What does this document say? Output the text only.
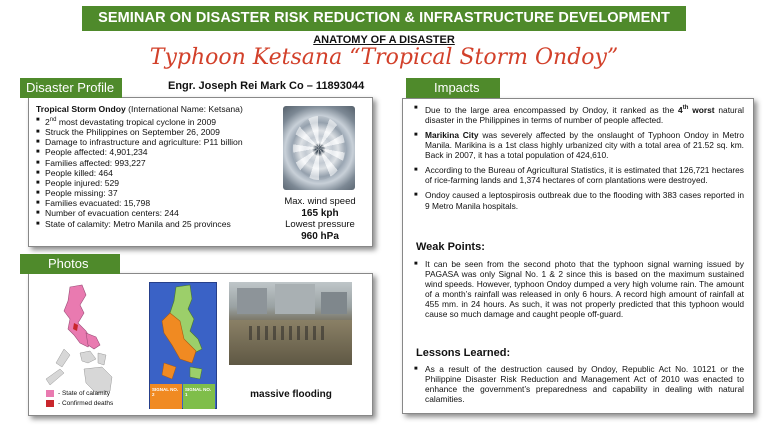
SEMINAR ON DISASTER RISK REDUCTION & INFRASTRUCTURE DEVELOPMENT
ANATOMY OF A DISASTER
Typhoon Ketsana “Tropical Storm Ondoy”
Engr. Joseph Rei Mark Co – 11893044
Disaster Profile
Tropical Storm Ondoy (International Name: Ketsana)
■ 2nd most devastating tropical cyclone in 2009
■ Struck the Philippines on September 26, 2009
■ Damage to infrastructure and agriculture: P11 billion
■ People affected: 4,901,234
■ Families affected: 993,227
■ People killed: 464
■ People injured: 529
■ People missing: 37
■ Families evacuated: 15,798
■ Number of evacuation centers: 244
■ State of calamity: Metro Manila and 25 provinces
Max. wind speed
165 kph
Lowest pressure
960 hPa
Photos
- State of calamity
- Confirmed deaths
SIGNAL NO. 2
SIGNAL NO. 1	massive flooding
Impacts
■ Due to the large area encompassed by Ondoy, it ranked as the 4th worst natural disaster in the Philippines in terms of number of people affected.
■ Marikina City was severely affected by the onslaught of Typhoon Ondoy in Metro Manila. Marikina is a 1st class highly urbanized city with a total area of 21.52 sq. km. Back in 2007, it has a total population of 424,610.
■ According to the Bureau of Agricultural Statistics, it is estimated that 126,721 hectares of rice-farming lands and 1,374 hectares of corn plantations were destroyed.
■ Ondoy caused a leptospirosis outbreak due to the flooding with 383 cases reported in 9 Metro Manila hospitals.
Weak Points:
■ It can be seen from the second photo that the typhoon signal warning issued by PAGASA was only Signal No. 1 & 2 since this is based on the maximum sustained wind speeds. However, typhoon Ondoy dumped a very high volume rain. The amount of a month’s rainfall was released in only 6 hours. A record high amount of rainfall at 455 mm. in 24 hours. As such, it was not properly predicted that this typhoon would cause so much damage and caught people off-guard.
Lessons Learned:
■ As a result of the destruction caused by Ondoy, Republic Act No. 10121 or the Philippine Disaster Risk Reduction and Management Act of 2010 was enacted to enhance the government’s preparedness and capability in dealing with natural calamities.
